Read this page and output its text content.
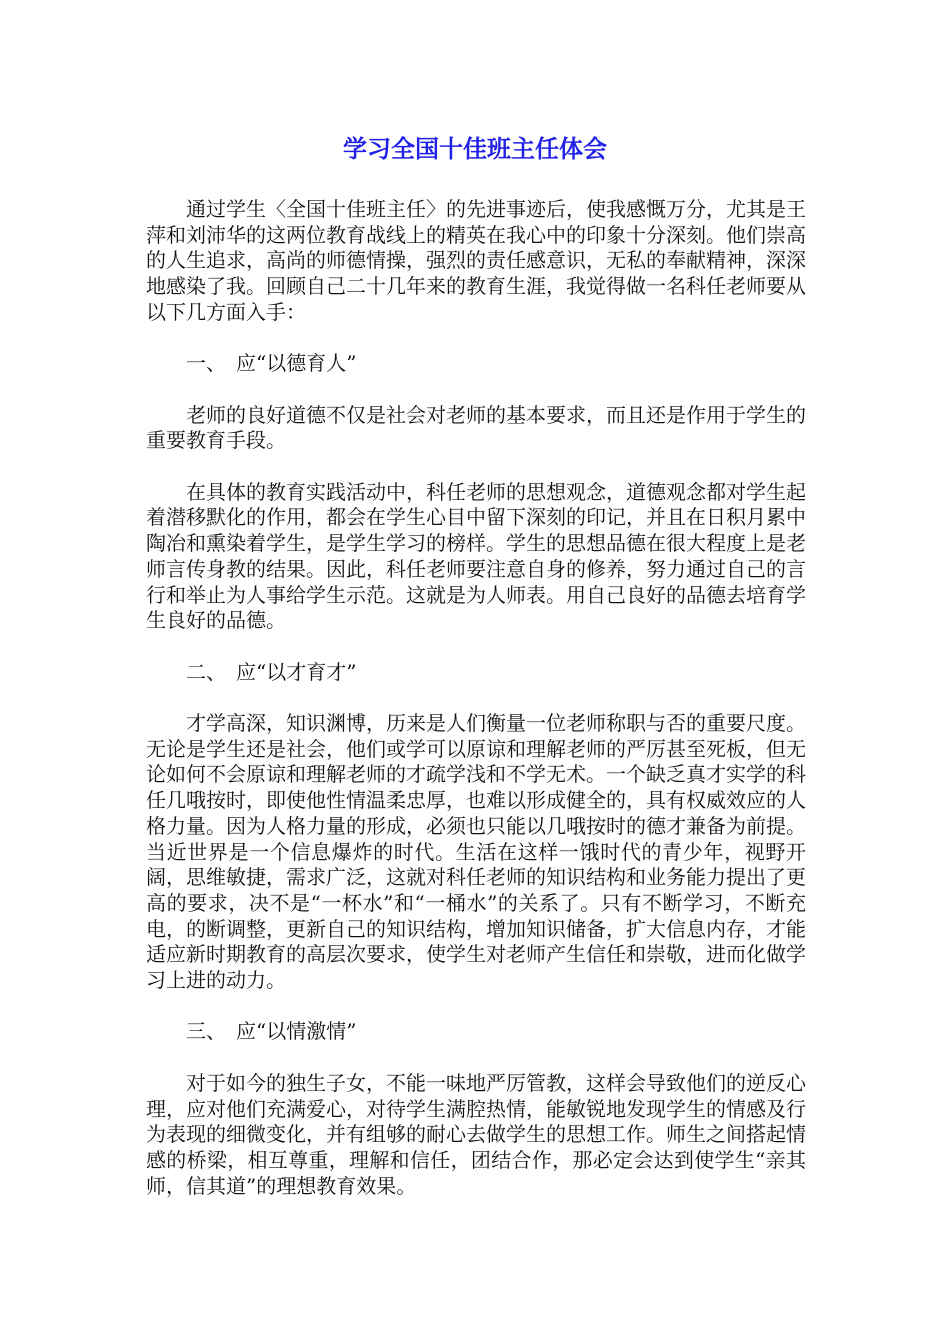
学习全国十佳班主任体会

通过学生〈全国十佳班主任〉的先进事迹后，使我感慨万分，尤其是王萍和刘沛华的这两位教育战线上的精英在我心中的印象十分深刻。他们崇高的人生追求，高尚的师德情操，强烈的责任感意识，无私的奉献精神，深深地感染了我。回顾自己二十几年来的教育生涯，我觉得做一名科任老师要从以下几方面入手：

一、　应“以德育人”

老师的良好道德不仅是社会对老师的基本要求，而且还是作用于学生的重要教育手段。

在具体的教育实践活动中，科任老师的思想观念，道德观念都对学生起着潜移默化的作用，都会在学生心目中留下深刻的印记，并且在日积月累中陶冶和熏染着学生，是学生学习的榜样。学生的思想品德在很大程度上是老师言传身教的结果。因此，科任老师要注意自身的修养，努力通过自己的言行和举止为人事给学生示范。这就是为人师表。用自己良好的品德去培育学生良好的品德。

二、　应“以才育才”

才学高深，知识渊博，历来是人们衡量一位老师称职与否的重要尺度。无论是学生还是社会，他们或学可以原谅和理解老师的严厉甚至死板，但无论如何不会原谅和理解老师的才疏学浅和不学无术。一个缺乏真才实学的科任几哦按时，即使他性情温柔忠厚，也难以形成健全的，具有权威效应的人格力量。因为人格力量的形成，必须也只能以几哦按时的德才兼备为前提。当近世界是一个信息爆炸的时代。生活在这样一饿时代的青少年，视野开阔，思维敏捷，需求广泛，这就对科任老师的知识结构和业务能力提出了更高的要求，决不是“一杯水”和“一桶水”的关系了。只有不断学习，不断充电，的断调整，更新自己的知识结构，增加知识储备，扩大信息内存，才能适应新时期教育的高层次要求，使学生对老师产生信任和崇敬，进而化做学习上进的动力。

三、　应“以情激情”

对于如今的独生子女，不能一味地严厉管教，这样会导致他们的逆反心理，应对他们充满爱心，对待学生满腔热情，能敏锐地发现学生的情感及行为表现的细微变化，并有组够的耐心去做学生的思想工作。师生之间搭起情感的桥梁，相互尊重，理解和信任，团结合作，那必定会达到使学生“亲其师，信其道”的理想教育效果。
